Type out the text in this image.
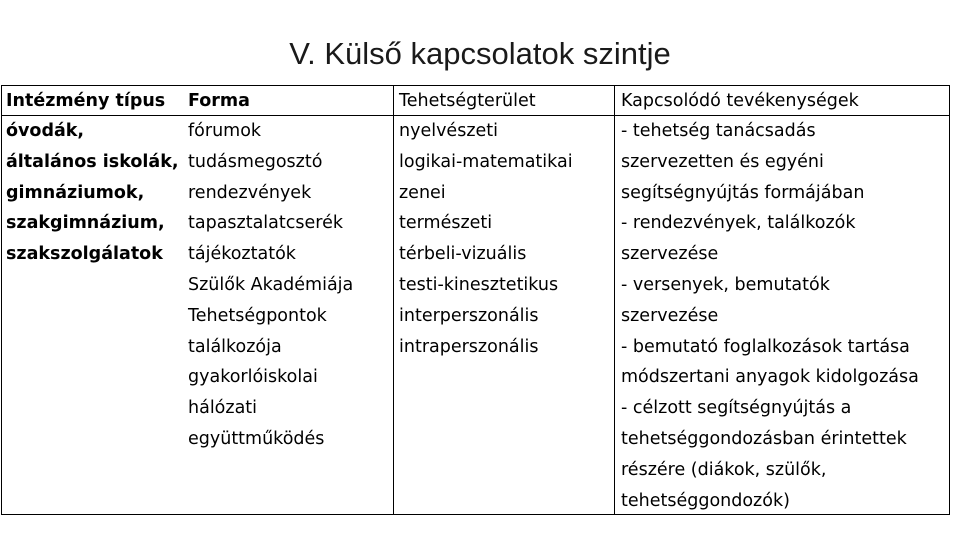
V. Külső kapcsolatok szintje
Intézmény típus Forma	Tehetségterület	Kapcsolódó tevékenységek
óvodák,
általános iskolák,
gimnáziumok,
szakgimnázium,
szakszolgálatok
fórumok
tudásmegosztó
rendezvények
tapasztalatcserék
tájékoztatók
Szülők Akadémiája
Tehetségpontok
találkozója
gyakorlóiskolai
hálózati
együttműködés
nyelvészeti
logikai-matematikai
zenei
természeti
térbeli-vizuális
testi-kinesztetikus
interperszonális
intraperszonális
- tehetség tanácsadás
szervezetten és egyéni
segítségnyújtás formájában
- rendezvények, találkozók
szervezése
- versenyek, bemutatók
szervezése
- bemutató foglalkozások tartása
módszertani anyagok kidolgozása
- célzott segítségnyújtás a
tehetséggondozásban érintettek
részére (diákok, szülők,
tehetséggondozók)
